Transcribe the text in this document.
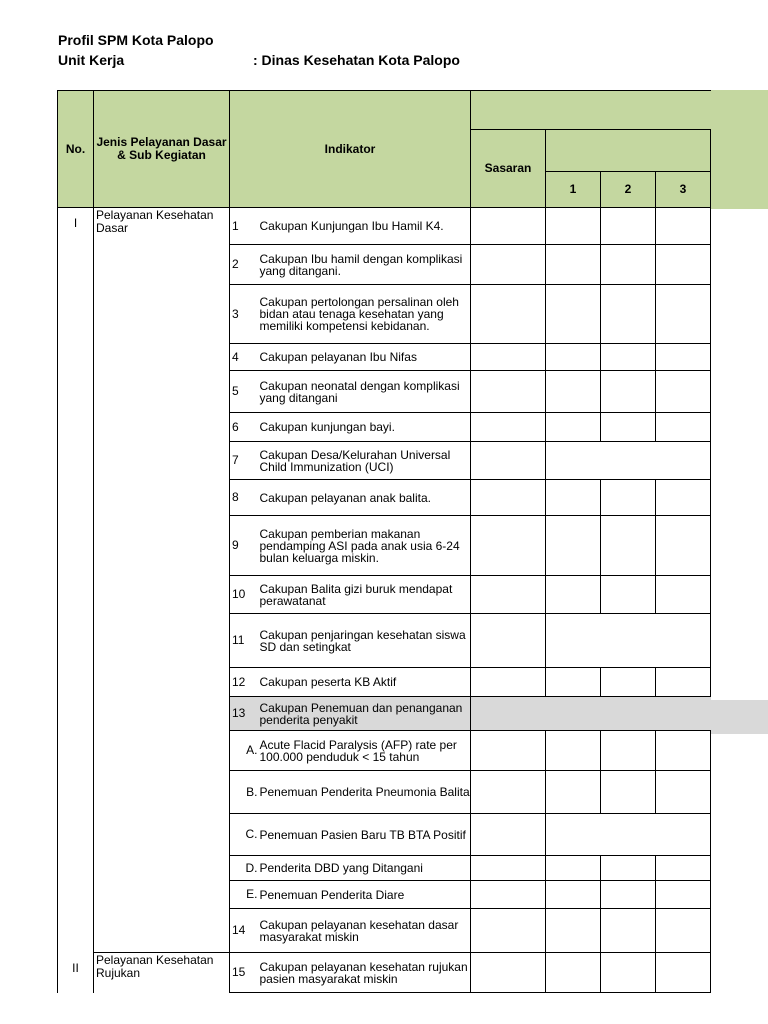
Profil SPM Kota Palopo
Unit Kerja	: Dinas Kesehatan Kota Palopo
No.	Jenis Pelayanan Dasar & Sub Kegiatan	Indikator					
				Sasaran			
					1	2	3
I	Pelayanan Kesehatan Dasar	1	Cakupan Kunjungan Ibu Hamil K4.				
		2	Cakupan Ibu hamil dengan komplikasi yang ditangani.				
		3	Cakupan pertolongan persalinan oleh bidan atau tenaga kesehatan yang memiliki kompetensi kebidanan.				
		4	Cakupan pelayanan Ibu Nifas				
		5	Cakupan neonatal dengan komplikasi yang ditangani				
		6	Cakupan kunjungan bayi.				
		7	Cakupan Desa/Kelurahan Universal Child Immunization (UCI)				
		8	Cakupan pelayanan anak balita.				
		9	Cakupan pemberian makanan pendamping ASI pada anak usia 6-24 bulan keluarga miskin.				
		10	Cakupan Balita gizi buruk mendapat perawatanat				
		11	Cakupan penjaringan kesehatan siswa SD dan setingkat				
		12	Cakupan peserta KB Aktif				
		13	Cakupan Penemuan dan penanganan penderita penyakit				
		A.	Acute Flacid Paralysis (AFP) rate per 100.000 penduduk < 15 tahun				
		B.	Penemuan Penderita Pneumonia Balita				
		C.	Penemuan Pasien Baru TB BTA Positif				
		D.	Penderita DBD yang Ditangani				
		E.	Penemuan Penderita Diare				
		14	Cakupan pelayanan kesehatan dasar masyarakat miskin				
II	Pelayanan Kesehatan Rujukan	15	Cakupan pelayanan kesehatan rujukan pasien masyarakat miskin				
